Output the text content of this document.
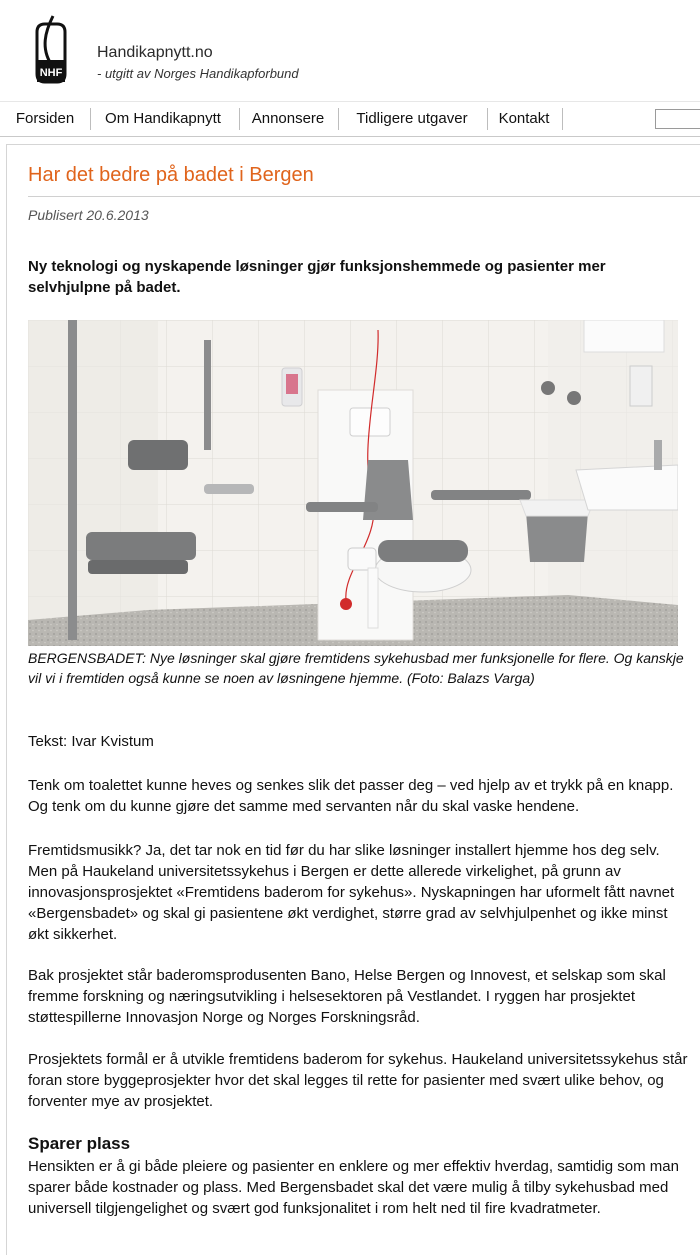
NHF
Handikapnytt.no
- utgitt av Norges Handikapforbund
Forsiden	Om Handikapnytt	Annonsere	Tidligere utgaver	Kontakt
Har det bedre på badet i Bergen
Publisert 20.6.2013
Ny teknologi og nyskapende løsninger gjør funksjonshemmede og pasienter mer selvhjulpne på badet.
BERGENSBADET: Nye løsninger skal gjøre fremtidens sykehusbad mer funksjonelle for flere. Og kanskje vil vi i fremtiden også kunne se noen av løsningene hjemme. (Foto: Balazs Varga)

Tekst: Ivar Kvistum

Tenk om toalettet kunne heves og senkes slik det passer deg – ved hjelp av et trykk på en knapp. Og tenk om du kunne gjøre det samme med servanten når du skal vaske hendene.

Fremtidsmusikk? Ja, det tar nok en tid før du har slike løsninger installert hjemme hos deg selv. Men på Haukeland universitetssykehus i Bergen er dette allerede virkelighet, på grunn av innovasjonsprosjektet «Fremtidens baderom for sykehus». Nyskapningen har uformelt fått navnet «Bergensbadet» og skal gi pasientene økt verdighet, større grad av selvhjulpenhet og ikke minst økt sikkerhet.

Bak prosjektet står baderomsprodusenten Bano, Helse Bergen og Innovest, et selskap som skal fremme forskning og næringsutvikling i helsesektoren på Vestlandet. I ryggen har prosjektet støttespillerne Innovasjon Norge og Norges Forskningsråd.

Prosjektets formål er å utvikle fremtidens baderom for sykehus. Haukeland universitetssykehus står foran store byggeprosjekter hvor det skal legges til rette for pasienter med svært ulike behov, og forventer mye av prosjektet.

Sparer plass

Hensikten er å gi både pleiere og pasienter en enklere og mer effektiv hverdag, samtidig som man sparer både kostnader og plass. Med Bergensbadet skal det være mulig å tilby sykehusbad med universell tilgjengelighet og svært god funksjonalitet i rom helt ned til fire kvadratmeter.
